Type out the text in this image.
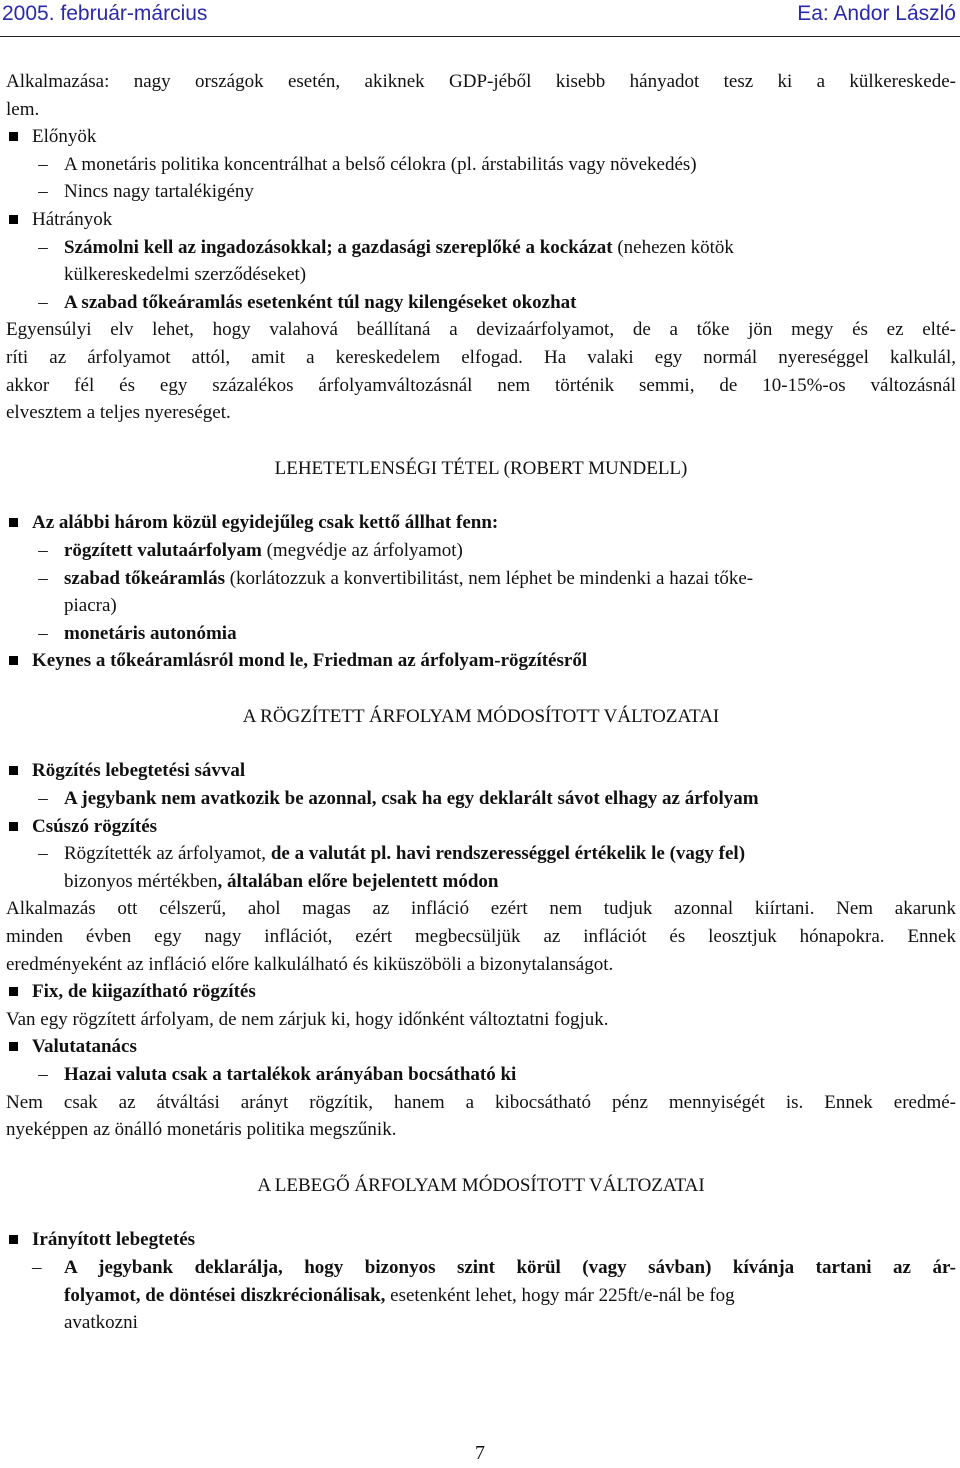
2005. február-március	Ea: Andor László
Alkalmazása: nagy országok esetén, akiknek GDP-jéből kisebb hányadot tesz ki a külkereskede-
lem.
Előnyök
– A monetáris politika koncentrálhat a belső célokra (pl. árstabilitás vagy növekedés)
– Nincs nagy tartalékigény
Hátrányok
– Számolni kell az ingadozásokkal; a gazdasági szereplőké a kockázat (nehezen kötök
külkereskedelmi szerződéseket)
– A szabad tőkeáramlás esetenként túl nagy kilengéseket okozhat
Egyensúlyi elv lehet, hogy valahová beállítaná a devizaárfolyamot, de a tőke jön megy és ez elté-
ríti az árfolyamot attól, amit a kereskedelem elfogad. Ha valaki egy normál nyereséggel kalkulál,
akkor fél és egy százalékos árfolyamváltozásnál nem történik semmi, de 10-15%-os változásnál
elvesztem a teljes nyereséget.
LEHETETLENSÉGI TÉTEL (ROBERT MUNDELL)
Az alábbi három közül egyidejűleg csak kettő állhat fenn:
– rögzített valutaárfolyam (megvédje az árfolyamot)
– szabad tőkeáramlás (korlátozzuk a konvertibilitást, nem léphet be mindenki a hazai tőke-
piacra)
– monetáris autonómia
Keynes a tőkeáramlásról mond le, Friedman az árfolyam-rögzítésről
A RÖGZÍTETT ÁRFOLYAM MÓDOSÍTOTT VÁLTOZATAI
Rögzítés lebegtetési sávval
– A jegybank nem avatkozik be azonnal, csak ha egy deklarált sávot elhagy az árfolyam
Csúszó rögzítés
– Rögzítették az árfolyamot, de a valutát pl. havi rendszerességgel értékelik le (vagy fel)
bizonyos mértékben, általában előre bejelentett módon
Alkalmazás ott célszerű, ahol magas az infláció ezért nem tudjuk azonnal kiírtani. Nem akarunk
minden évben egy nagy inflációt, ezért megbecsüljük az inflációt és leosztjuk hónapokra. Ennek
eredményeként az infláció előre kalkulálható és kiküszöböli a bizonytalanságot.
Fix, de kiigazítható rögzítés
Van egy rögzített árfolyam, de nem zárjuk ki, hogy időnként változtatni fogjuk.
Valutatanács
– Hazai valuta csak a tartalékok arányában bocsátható ki
Nem csak az átváltási arányt rögzítik, hanem a kibocsátható pénz mennyiségét is. Ennek eredmé-
nyeképpen az önálló monetáris politika megszűnik.
A LEBEGŐ ÁRFOLYAM MÓDOSÍTOTT VÁLTOZATAI
Irányított lebegtetés
–	A jegybank deklarálja, hogy bizonyos szint körül (vagy sávban) kívánja tartani az ár-
folyamot, de döntései diszkrécionálisak, esetenként lehet, hogy már 225ft/e-nál be fog
avatkozni
7
